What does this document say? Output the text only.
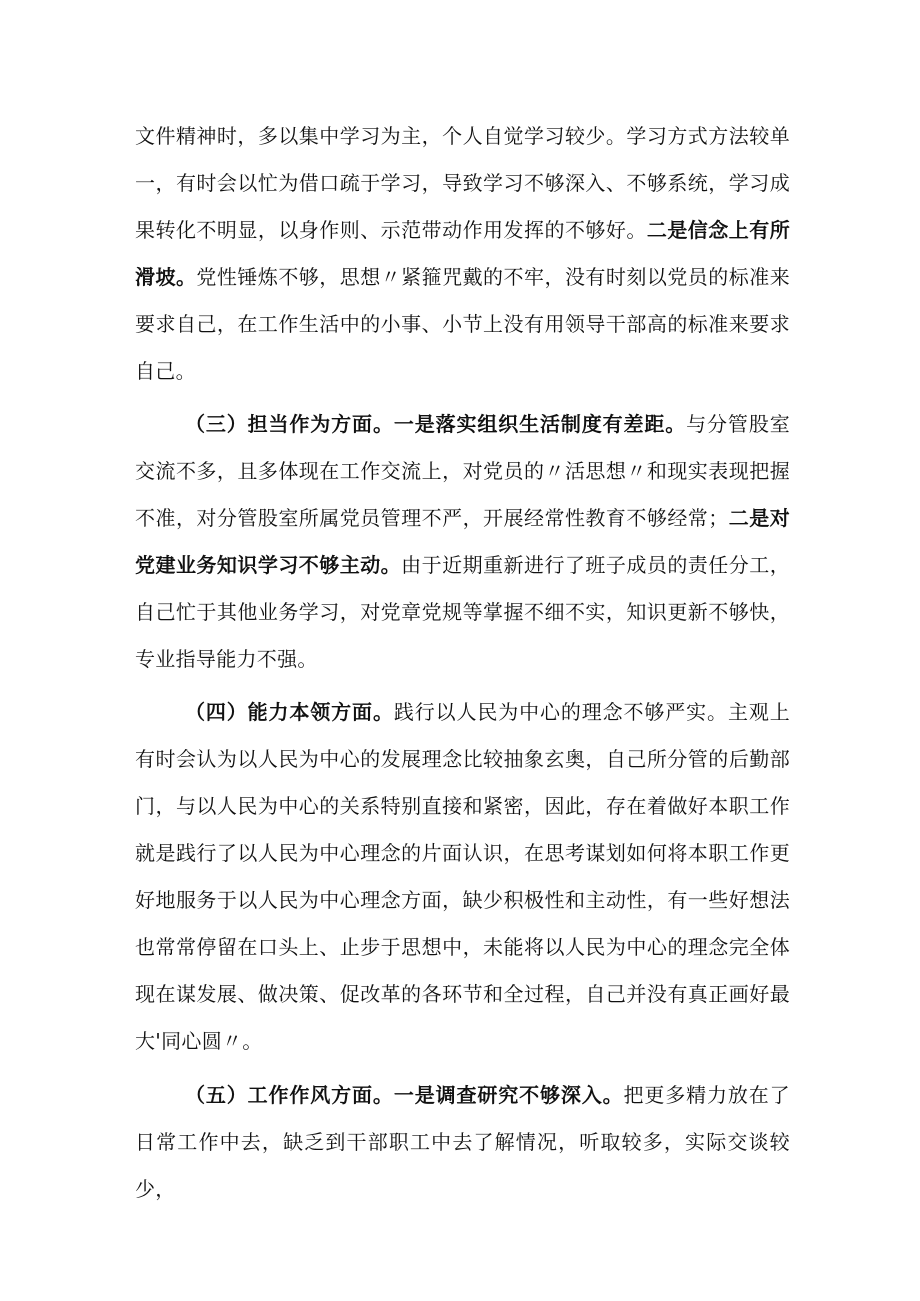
文件精神时，多以集中学习为主，个人自觉学习较少。学习方式方法较单一，有时会以忙为借口疏于学习，导致学习不够深入、不够系统，学习成果转化不明显，以身作则、示范带动作用发挥的不够好。二是信念上有所滑坡。党性锤炼不够，思想〃紧箍咒戴的不牢，没有时刻以党员的标准来要求自己，在工作生活中的小事、小节上没有用领导干部高的标准来要求自己。

（三）担当作为方面。一是落实组织生活制度有差距。与分管股室交流不多，且多体现在工作交流上，对党员的〃活思想〃和现实表现把握不准，对分管股室所属党员管理不严，开展经常性教育不够经常；二是对党建业务知识学习不够主动。由于近期重新进行了班子成员的责任分工，自己忙于其他业务学习，对党章党规等掌握不细不实，知识更新不够快，专业指导能力不强。

（四）能力本领方面。践行以人民为中心的理念不够严实。主观上有时会认为以人民为中心的发展理念比较抽象玄奥，自己所分管的后勤部门，与以人民为中心的关系特别直接和紧密，因此，存在着做好本职工作就是践行了以人民为中心理念的片面认识，在思考谋划如何将本职工作更好地服务于以人民为中心理念方面，缺少积极性和主动性，有一些好想法也常常停留在口头上、止步于思想中，未能将以人民为中心的理念完全体现在谋发展、做决策、促改革的各环节和全过程，自己并没有真正画好最大'同心圆〃。

（五）工作作风方面。一是调查研究不够深入。把更多精力放在了日常工作中去，缺乏到干部职工中去了解情况，听取较多，实际交谈较少，
